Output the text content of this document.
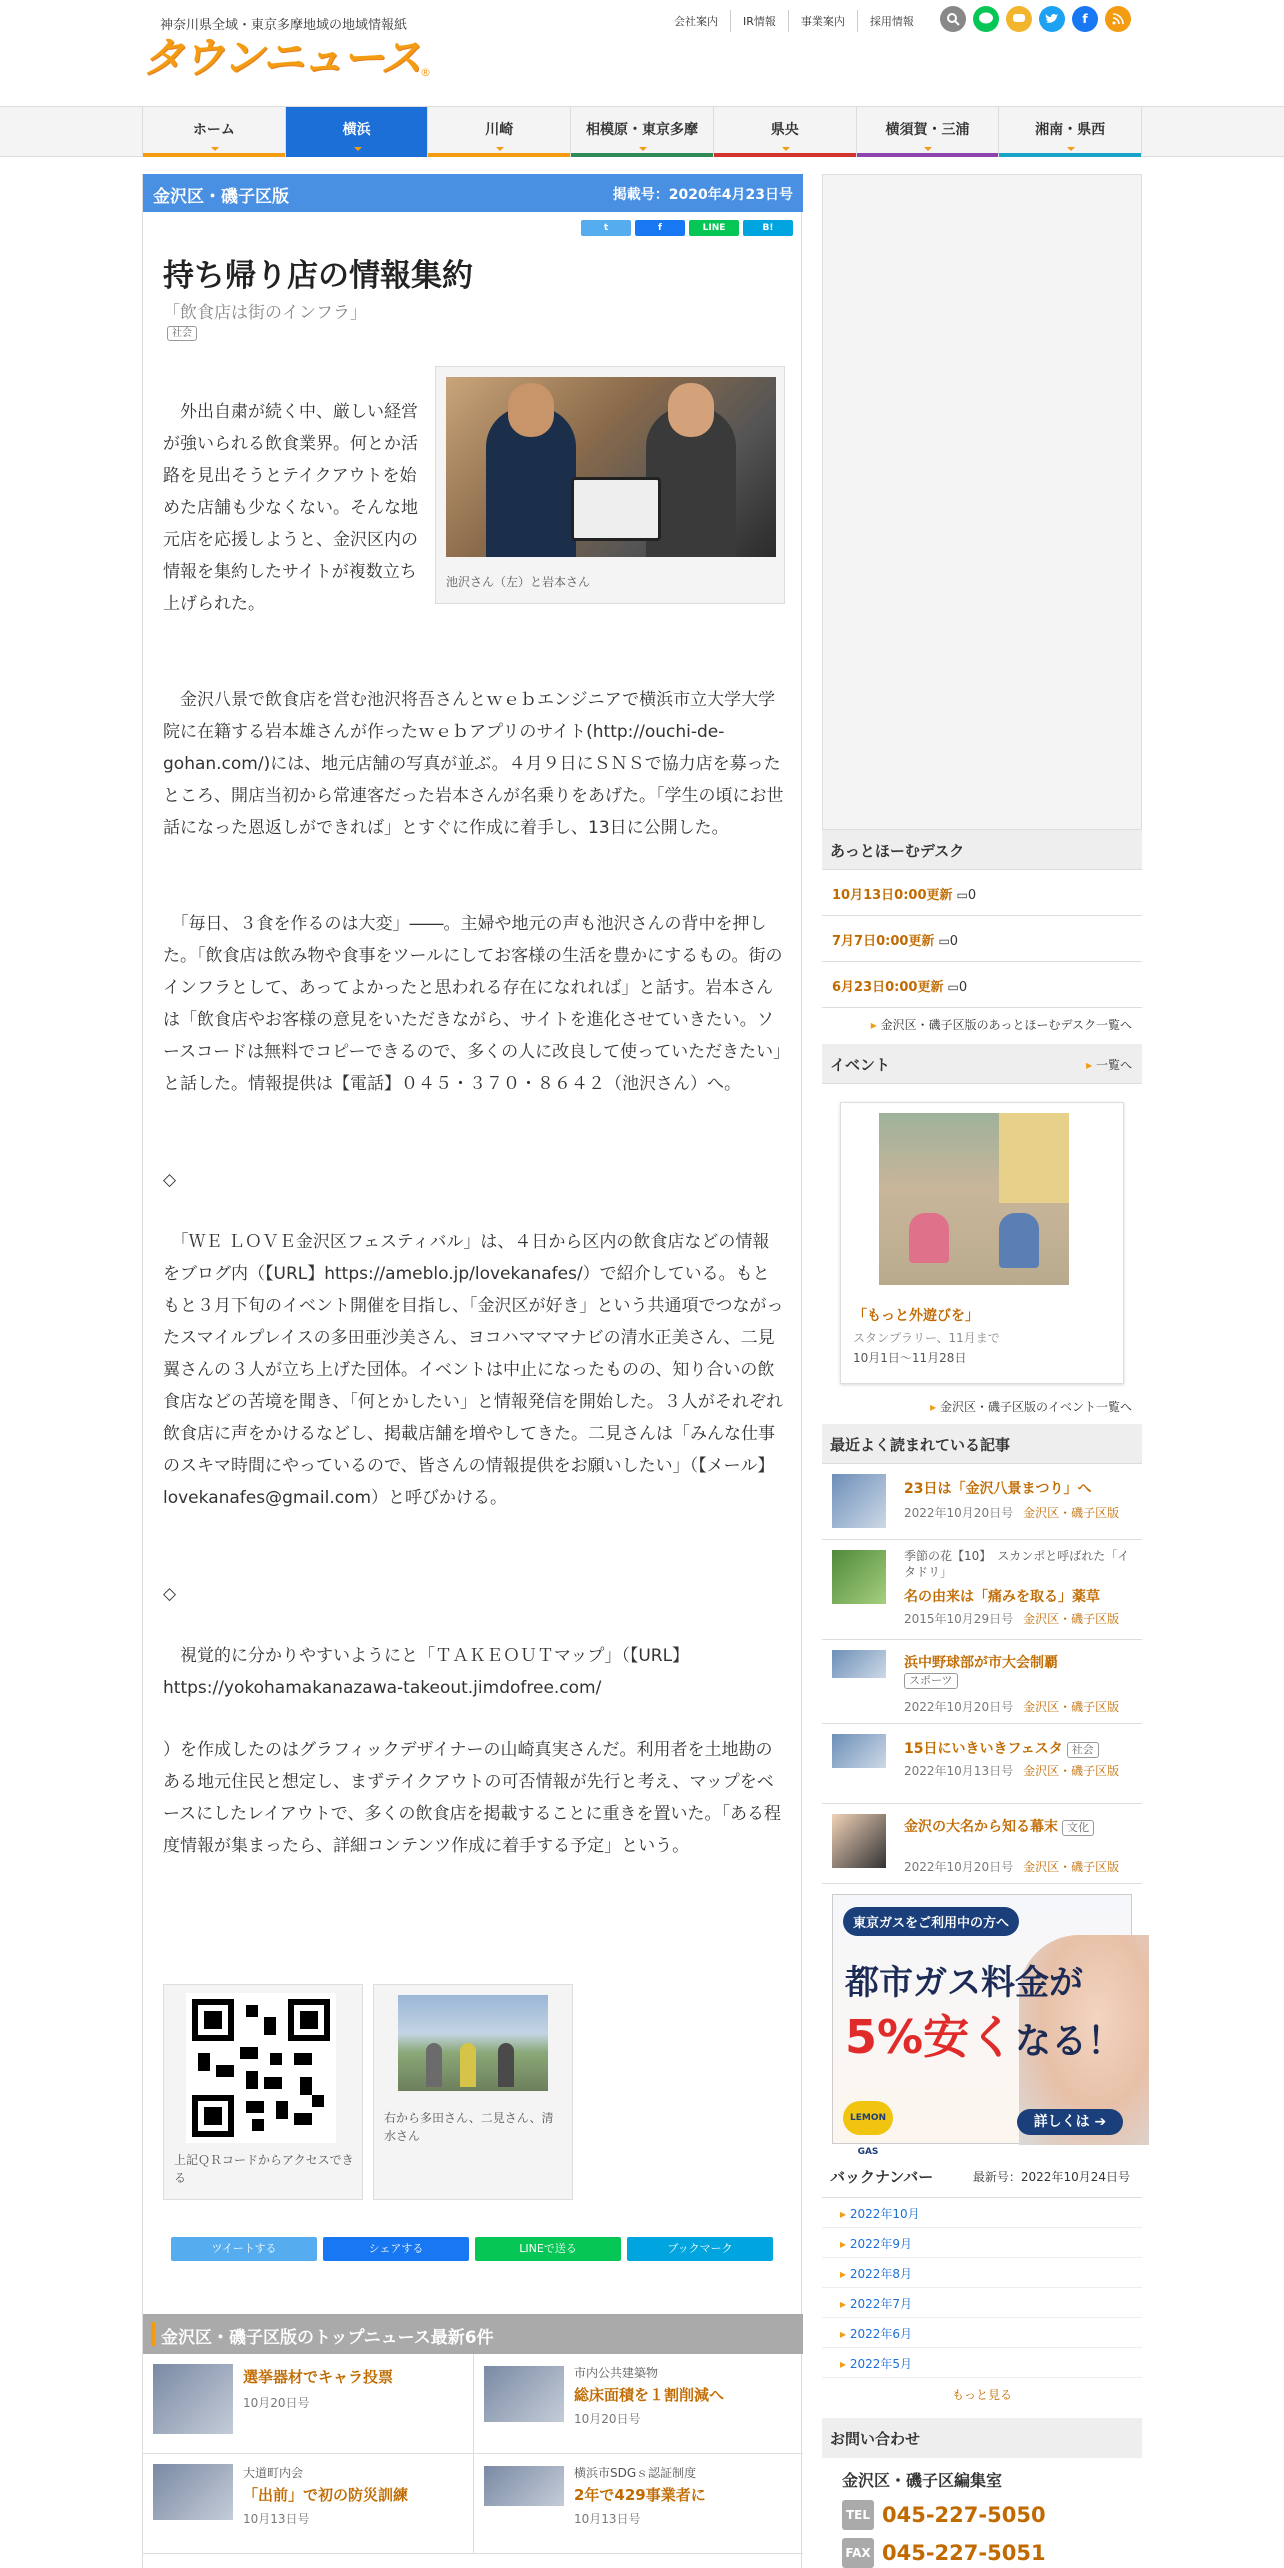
神奈川県全域・東京多摩地域の地域情報紙
タウンニュース ®
会社案内	IR情報	事業案内	採用情報	f
ホーム	横浜	川崎	相模原・東京多摩	県央	横須賀・三浦	湘南・県西
金沢区・磯子区版	掲載号：2020年4月23日号
t	f	LINE	B!
持ち帰り店の情報集約
「飲食店は街のインフラ」
社会
池沢さん（左）と岩本さん

　外出自粛が続く中、厳しい経営が強いられる飲食業界。何とか活路を見出そうとテイクアウトを始めた店舗も少なくない。そんな地元店を応援しようと、金沢区内の情報を集約したサイトが複数立ち上げられた。

　金沢八景で飲食店を営む池沢将吾さんとｗｅｂエンジニアで横浜市立大学大学院に在籍する岩本雄さんが作ったｗｅｂアプリのサイト(http://ouchi-de-gohan.com/)には、地元店舗の写真が並ぶ。４月９日にＳＮＳで協力店を募ったところ、開店当初から常連客だった岩本さんが名乗りをあげた。「学生の頃にお世話になった恩返しができれば」とすぐに作成に着手し、13日に公開した。

　「毎日、３食を作るのは大変」――。主婦や地元の声も池沢さんの背中を押した。「飲食店は飲み物や食事をツールにしてお客様の生活を豊かにするもの。街のインフラとして、あってよかったと思われる存在になれれば」と話す。岩本さんは「飲食店やお客様の意見をいただきながら、サイトを進化させていきたい。ソースコードは無料でコピーできるので、多くの人に改良して使っていただきたい」と話した。情報提供は【電話】０４５・３７０・８６４２（池沢さん）へ。

◇

　「ＷＥ ＬＯＶＥ金沢区フェスティバル」は、４日から区内の飲食店などの情報をブログ内（【URL】https://ameblo.jp/lovekanafes/）で紹介している。もともと３月下旬のイベント開催を目指し、「金沢区が好き」という共通項でつながったスマイルプレイスの多田亜沙美さん、ヨコハマママナビの清水正美さん、二見翼さんの３人が立ち上げた団体。イベントは中止になったものの、知り合いの飲食店などの苦境を聞き、「何とかしたい」と情報発信を開始した。３人がそれぞれ飲食店に声をかけるなどし、掲載店舗を増やしてきた。二見さんは「みんな仕事のスキマ時間にやっているので、皆さんの情報提供をお願いしたい」（【メール】lovekanafes@gmail.com）と呼びかける。

◇

　視覚的に分かりやすいようにと「ＴＡＫＥＯＵＴマップ」（【URL】

https://yokohamakanazawa-takeout.jimdofree.com/

）を作成したのはグラフィックデザイナーの山崎真実さんだ。利用者を土地勘のある地元住民と想定し、まずテイクアウトの可否情報が先行と考え、マップをベースにしたレイアウトで、多くの飲食店を掲載することに重きを置いた。「ある程度情報が集まったら、詳細コンテンツ作成に着手する予定」という。

上記ＱＲコードからアクセスできる
右から多田さん、二見さん、清水さん
ツイートする	シェアする	LINEで送る	ブックマーク
金沢区・磯子区版のトップニュース最新6件
選挙器材でキャラ投票
10月20日号
市内公共建築物
総床面積を１割削減へ
10月20日号
大道町内会
「出前」で初の防災訓練
10月13日号
横浜市SDGｓ認証制度
2年で429事業者に
10月13日号
あっとほーむデスク
10月13日0:00更新 ▭0
7月7日0:00更新 ▭0
6月23日0:00更新 ▭0
▸ 金沢区・磯子区版のあっとほーむデスク一覧へ
イベント
▸	一覧へ
「もっと外遊びを」
スタンプラリー、11月まで
10月1日～11月28日
▸ 金沢区・磯子区版のイベント一覧へ
最近よく読まれている記事
23日は「金沢八景まつり」へ
2022年10月20日号 金沢区・磯子区版
季節の花【10】　スカンポと呼ばれた「イタドリ」
名の由来は「痛みを取る」薬草
2015年10月29日号 金沢区・磯子区版
浜中野球部が市大会制覇
スポーツ
2022年10月20日号 金沢区・磯子区版
15日にいきいきフェスタ 社会
2022年10月13日号 金沢区・磯子区版
金沢の大名から知る幕末 文化
2022年10月20日号 金沢区・磯子区版
東京ガスをご利用中の方へ
都市ガス料金が
5%安くなる！
LEMON GAS
詳しくは ➔
バックナンバー	最新号：2022年10月24日号
▸ 2022年10月
▸ 2022年9月
▸ 2022年8月
▸ 2022年7月
▸ 2022年6月
▸ 2022年5月
もっと見る
お問い合わせ
金沢区・磯子区編集室
TEL 045-227-5050
FAX 045-227-5051
